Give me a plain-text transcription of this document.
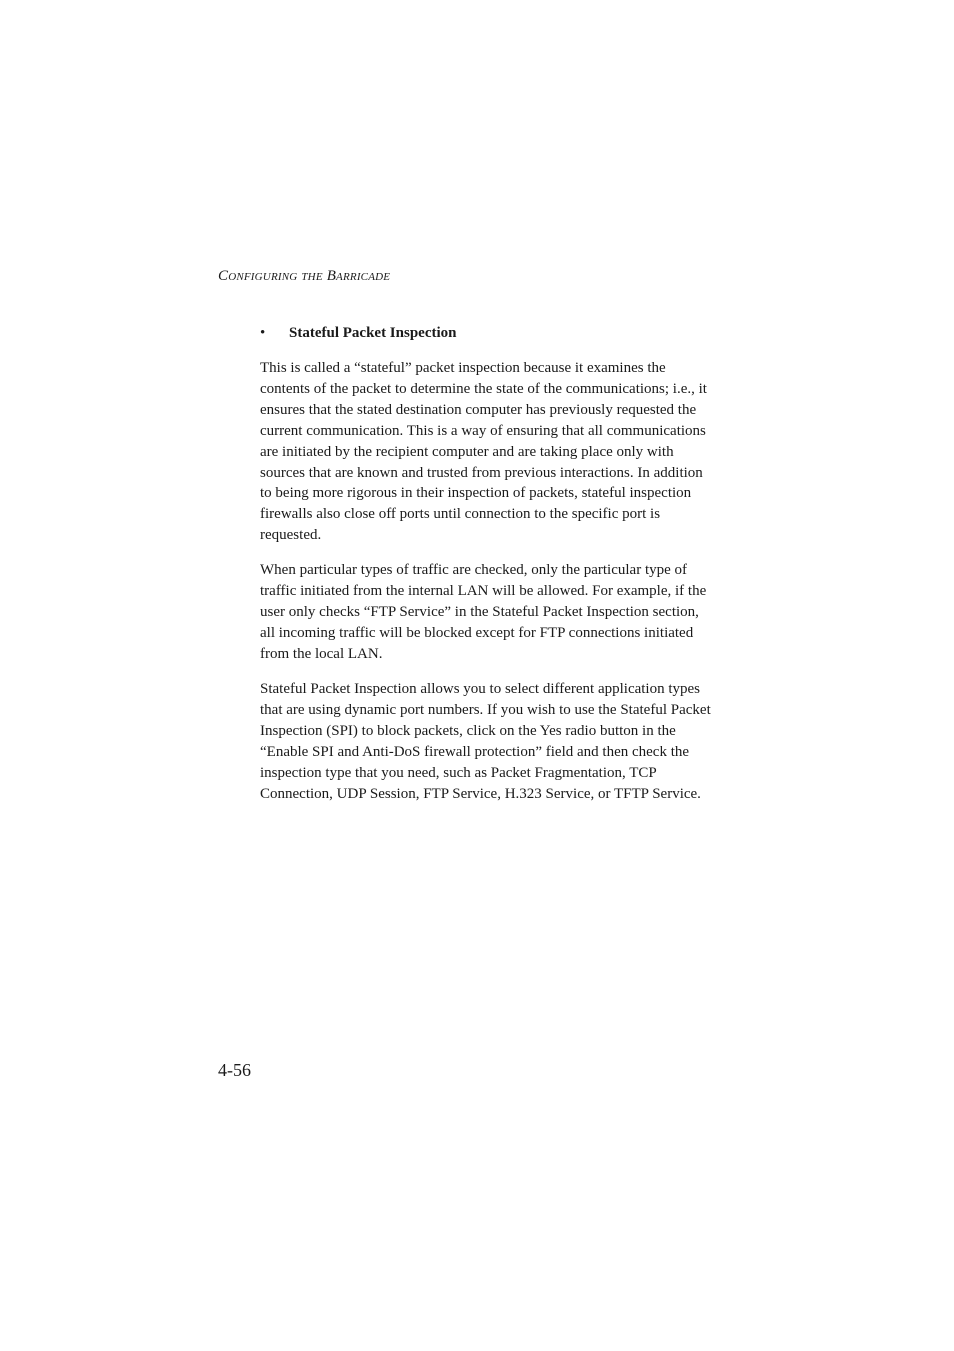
Configuring the Barricade
• Stateful Packet Inspection

This is called a “stateful” packet inspection because it examines the
contents of the packet to determine the state of the communications; i.e., it
ensures that the stated destination computer has previously requested the
current communication. This is a way of ensuring that all communications
are initiated by the recipient computer and are taking place only with
sources that are known and trusted from previous interactions. In addition
to being more rigorous in their inspection of packets, stateful inspection
firewalls also close off ports until connection to the specific port is
requested.

When particular types of traffic are checked, only the particular type of
traffic initiated from the internal LAN will be allowed. For example, if the
user only checks “FTP Service” in the Stateful Packet Inspection section,
all incoming traffic will be blocked except for FTP connections initiated
from the local LAN.

Stateful Packet Inspection allows you to select different application types
that are using dynamic port numbers. If you wish to use the Stateful Packet
Inspection (SPI) to block packets, click on the Yes radio button in the
“Enable SPI and Anti-DoS firewall protection” field and then check the
inspection type that you need, such as Packet Fragmentation, TCP
Connection, UDP Session, FTP Service, H.323 Service, or TFTP Service.

4-56
